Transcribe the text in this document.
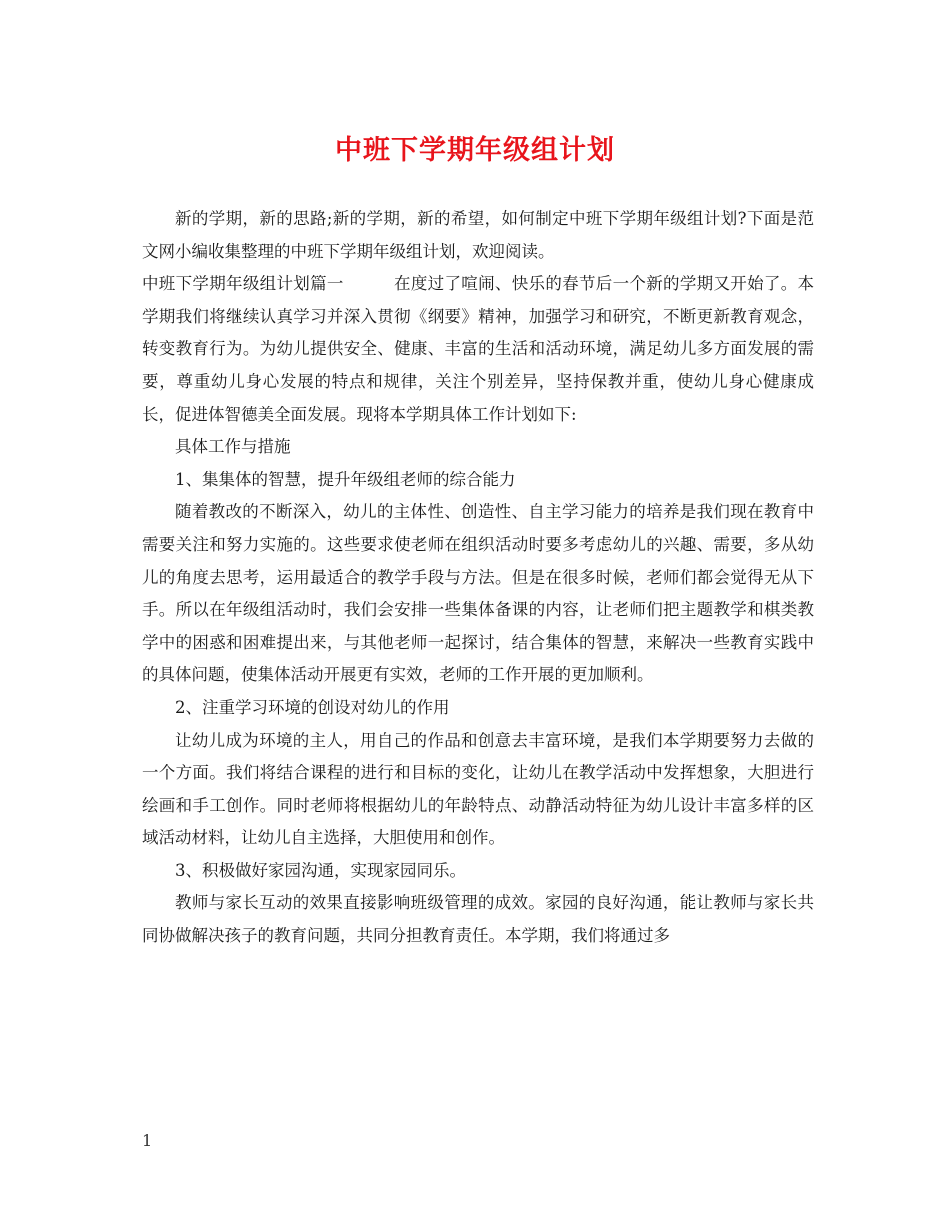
中班下学期年级组计划

新的学期，新的思路;新的学期，新的希望，如何制定中班下学期年级组计划?下面是范文网小编收集整理的中班下学期年级组计划，欢迎阅读。

中班下学期年级组计划篇一	在度过了喧闹、快乐的春节后一个新的学期又开始了。本学期我们将继续认真学习并深入贯彻《纲要》精神，加强学习和研究，不断更新教育观念，转变教育行为。为幼儿提供安全、健康、丰富的生活和活动环境，满足幼儿多方面发展的需要，尊重幼儿身心发展的特点和规律，关注个别差异，坚持保教并重，使幼儿身心健康成长，促进体智德美全面发展。现将本学期具体工作计划如下:

具体工作与措施

1、集集体的智慧，提升年级组老师的综合能力

随着教改的不断深入，幼儿的主体性、创造性、自主学习能力的培养是我们现在教育中需要关注和努力实施的。这些要求使老师在组织活动时要多考虑幼儿的兴趣、需要，多从幼儿的角度去思考，运用最适合的教学手段与方法。但是在很多时候，老师们都会觉得无从下手。所以在年级组活动时，我们会安排一些集体备课的内容，让老师们把主题教学和棋类教学中的困惑和困难提出来，与其他老师一起探讨，结合集体的智慧，来解决一些教育实践中的具体问题，使集体活动开展更有实效，老师的工作开展的更加顺利。

2、注重学习环境的创设对幼儿的作用

让幼儿成为环境的主人，用自己的作品和创意去丰富环境，是我们本学期要努力去做的一个方面。我们将结合课程的进行和目标的变化，让幼儿在教学活动中发挥想象，大胆进行绘画和手工创作。同时老师将根据幼儿的年龄特点、动静活动特征为幼儿设计丰富多样的区域活动材料，让幼儿自主选择，大胆使用和创作。

3、积极做好家园沟通，实现家园同乐。

教师与家长互动的效果直接影响班级管理的成效。家园的良好沟通，能让教师与家长共同协做解决孩子的教育问题，共同分担教育责任。本学期，我们将通过多

1
